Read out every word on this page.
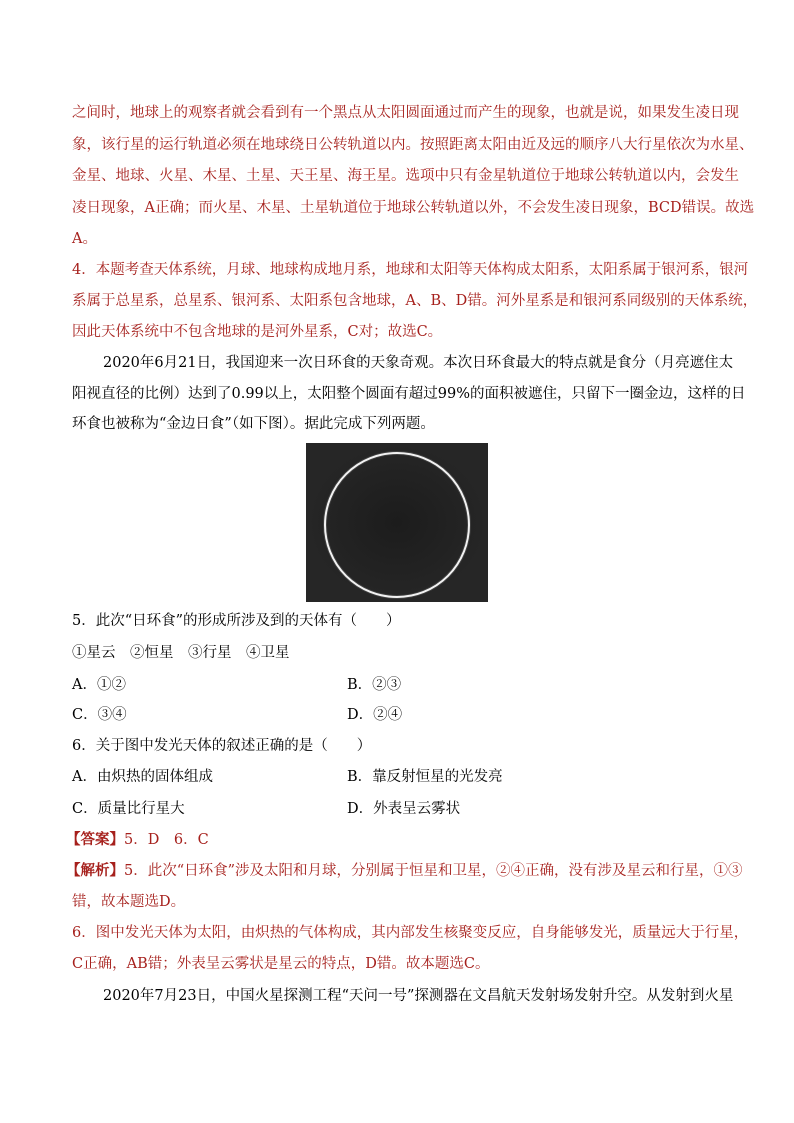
之间时，地球上的观察者就会看到有一个黑点从太阳圆面通过而产生的现象，也就是说，如果发生凌日现
象，该行星的运行轨道必须在地球绕日公转轨道以内。按照距离太阳由近及远的顺序八大行星依次为水星、
金星、地球、火星、木星、土星、天王星、海王星。选项中只有金星轨道位于地球公转轨道以内，会发生
凌日现象，A正确；而火星、木星、土星轨道位于地球公转轨道以外，不会发生凌日现象，BCD错误。故选
A。
4．本题考查天体系统，月球、地球构成地月系，地球和太阳等天体构成太阳系，太阳系属于银河系，银河
系属于总星系，总星系、银河系、太阳系包含地球，A、B、D错。河外星系是和银河系同级别的天体系统，
因此天体系统中不包含地球的是河外星系，C对；故选C。
2020年6月21日，我国迎来一次日环食的天象奇观。本次日环食最大的特点就是食分（月亮遮住太
阳视直径的比例）达到了0.99以上，太阳整个圆面有超过99%的面积被遮住，只留下一圈金边，这样的日
环食也被称为“金边日食”（如下图）。据此完成下列两题。
5．此次“日环食”的形成所涉及到的天体有（　　）
①星云　②恒星　③行星　④卫星
A．①②	B．②③
C．③④	D．②④
6．关于图中发光天体的叙述正确的是（　　）
A．由炽热的固体组成	B．靠反射恒星的光发亮
C．质量比行星大	D．外表呈云雾状
【答案】5．D　6．C
【解析】5．此次“日环食”涉及太阳和月球，分别属于恒星和卫星，②④正确，没有涉及星云和行星，①③
错，故本题选D。
6．图中发光天体为太阳，由炽热的气体构成，其内部发生核聚变反应，自身能够发光，质量远大于行星，
C正确，AB错；外表呈云雾状是星云的特点，D错。故本题选C。
2020年7月23日，中国火星探测工程“天问一号”探测器在文昌航天发射场发射升空。从发射到火星
